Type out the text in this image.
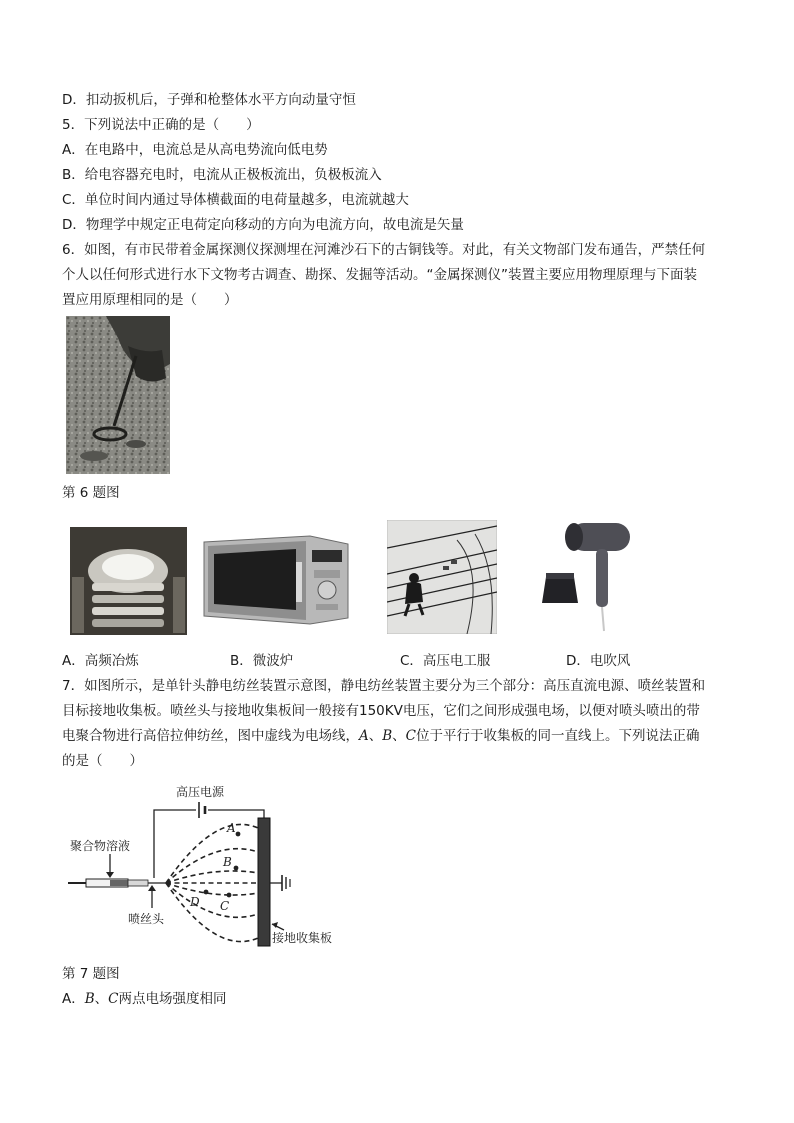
D．扣动扳机后，子弹和枪整体水平方向动量守恒
5．下列说法中正确的是（　　）
A．在电路中，电流总是从高电势流向低电势
B．给电容器充电时，电流从正极板流出，负极板流入
C．单位时间内通过导体横截面的电荷量越多，电流就越大
D．物理学中规定正电荷定向移动的方向为电流方向，故电流是矢量
6．如图，有市民带着金属探测仪探测埋在河滩沙石下的古铜钱等。对此，有关文物部门发布通告，严禁任何
个人以任何形式进行水下文物考古调查、勘探、发掘等活动。“金属探测仪”装置主要应用物理原理与下面装
置应用原理相同的是（　　）
第 6 题图
A．高频冶炼	B．微波炉	C．高压电工服	D．电吹风
7．如图所示，是单针头静电纺丝装置示意图，静电纺丝装置主要分为三个部分：高压直流电源、喷丝装置和
目标接地收集板。喷丝头与接地收集板间一般接有150KV电压，它们之间形成强电场，以便对喷头喷出的带
电聚合物进行高倍拉伸纺丝，图中虚线为电场线，A、B、C位于平行于收集板的同一直线上。下列说法正确
的是（　　）
高压电源
聚合物溶液
喷丝头
A
B
D C
接地收集板
第 7 题图
A．B、C两点电场强度相同
